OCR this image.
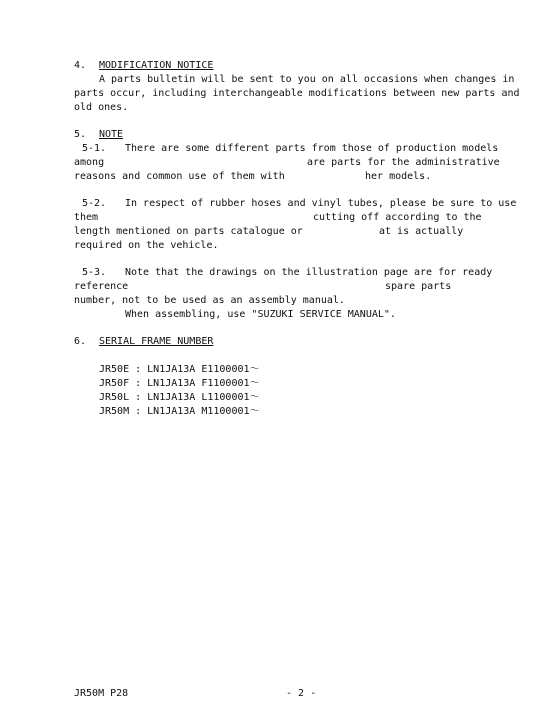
4. MODIFICATION NOTICE
A parts bulletin will be sent to you on all occasions when changes in
parts occur, including interchangeable modifications between new parts and
old ones.
5. NOTE
5-1. There are some different parts from those of production models
among	are parts for the administrative
reasons and common use of them with	her models.
5-2. In respect of rubber hoses and vinyl tubes, please be sure to use
them	cutting off according to the
length mentioned on parts catalogue or	at is actually
required on the vehicle.
5-3. Note that the drawings on the illustration page are for ready
reference	spare parts
number, not to be used as an assembly manual.
When assembling, use "SUZUKI SERVICE MANUAL".
6. SERIAL FRAME NUMBER
JR50E : LN1JA13A E1100001～
JR50F : LN1JA13A F1100001～
JR50L : LN1JA13A L1100001～
JR50M : LN1JA13A M1100001～
JR50M P28	- 2 -
